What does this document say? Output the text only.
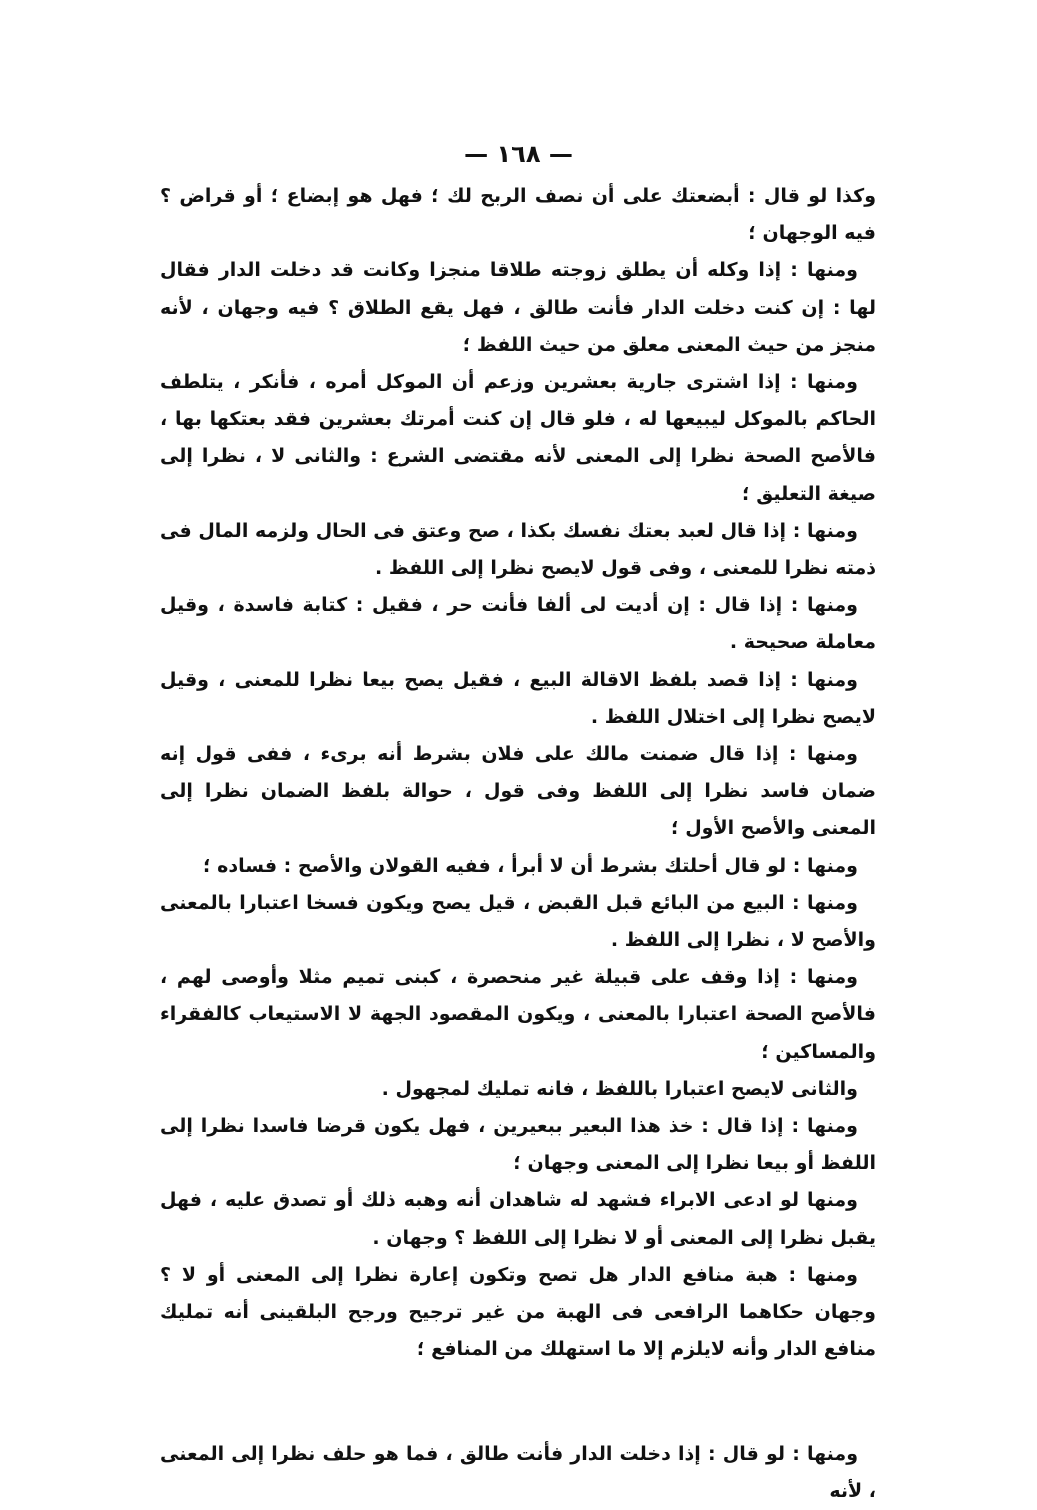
— ١٦٨ —

وكذا لو قال : أبضعتك على أن نصف الربح لك ؛ فهل هو إبضاع ؛ أو قراض ؟ فيه الوجهان ؛

ومنها : إذا وكله أن يطلق زوجته طلاقا منجزا وكانت قد دخلت الدار فقال لها : إن كنت دخلت الدار فأنت طالق ، فهل يقع الطلاق ؟ فيه وجهان ، لأنه منجز من حيث المعنى معلق من حيث اللفظ ؛

ومنها : إذا اشترى جارية بعشرين وزعم أن الموكل أمره ، فأنكر ، يتلطف الحاكم بالموكل ليبيعها له ، فلو قال إن كنت أمرتك بعشرين فقد بعتكها بها ، فالأصح الصحة نظرا إلى المعنى لأنه مقتضى الشرع : والثانى لا ، نظرا إلى صيغة التعليق ؛

ومنها : إذا قال لعبد بعتك نفسك بكذا ، صح وعتق فى الحال ولزمه المال فى ذمته نظرا للمعنى ، وفى قول لايصح نظرا إلى اللفظ .

ومنها : إذا قال : إن أديت لى ألفا فأنت حر ، فقيل : كتابة فاسدة ، وقيل معاملة صحيحة .

ومنها : إذا قصد بلفظ الاقالة البيع ، فقيل يصح بيعا نظرا للمعنى ، وقيل لايصح نظرا إلى اختلال اللفظ .

ومنها : إذا قال ضمنت مالك على فلان بشرط أنه برىء ، ففى قول إنه ضمان فاسد نظرا إلى اللفظ وفى قول ، حوالة بلفظ الضمان نظرا إلى المعنى والأصح الأول ؛

ومنها : لو قال أحلتك بشرط أن لا أبرأ ، ففيه القولان والأصح : فساده ؛

ومنها : البيع من البائع قبل القبض ، قيل يصح ويكون فسخا اعتبارا بالمعنى والأصح لا ، نظرا إلى اللفظ .

ومنها : إذا وقف على قبيلة غير منحصرة ، كبنى تميم مثلا وأوصى لهم ، فالأصح الصحة اعتبارا بالمعنى ، ويكون المقصود الجهة لا الاستيعاب كالفقراء والمساكين ؛

والثانى لايصح اعتبارا باللفظ ، فانه تمليك لمجهول .

ومنها : إذا قال : خذ هذا البعير ببعيرين ، فهل يكون قرضا فاسدا نظرا إلى اللفظ أو بيعا نظرا إلى المعنى وجهان ؛

ومنها لو ادعى الابراء فشهد له شاهدان أنه وهبه ذلك أو تصدق عليه ، فهل يقبل نظرا إلى المعنى أو لا نظرا إلى اللفظ ؟ وجهان .

ومنها : هبة منافع الدار هل تصح وتكون إعارة نظرا إلى المعنى أو لا ؟ وجهان حكاهما الرافعى فى الهبة من غير ترجيح ورجح البلقينى أنه تمليك منافع الدار وأنه لايلزم إلا ما استهلك من المنافع ؛

ومنها : لو قال : إذا دخلت الدار فأنت طالق ، فما هو حلف نظرا إلى المعنى ، لأنه
